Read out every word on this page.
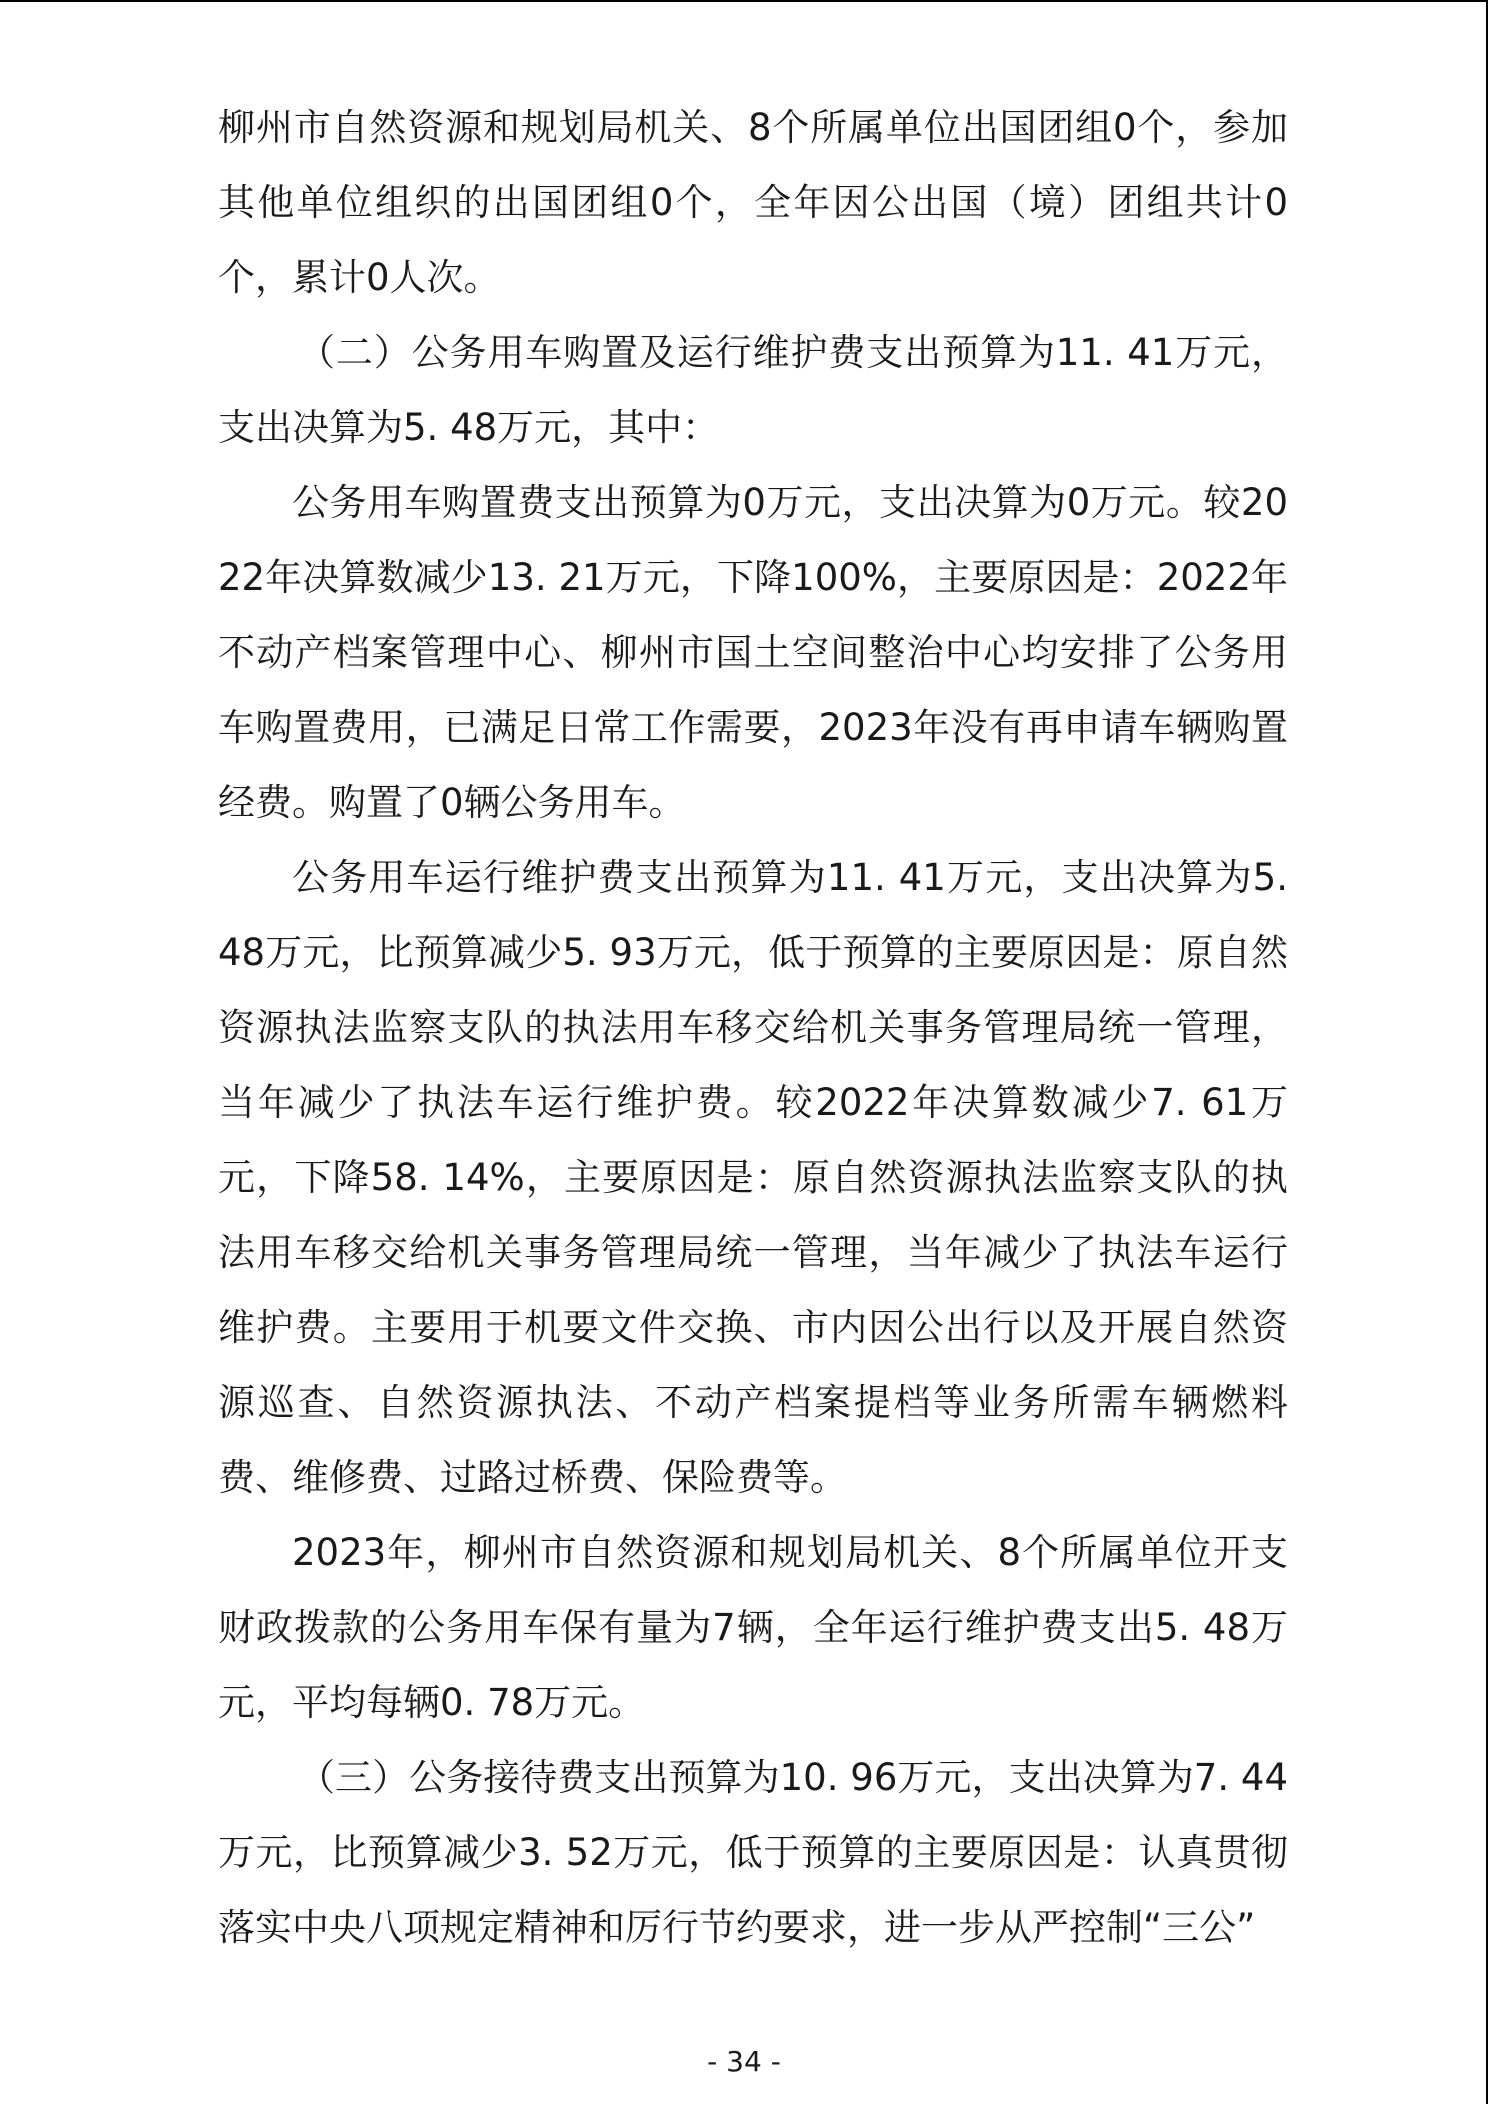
柳州市自然资源和规划局机关、8个所属单位出国团组0个，参加其他单位组织的出国团组0个，全年因公出国（境）团组共计0个，累计0人次。

（二）公务用车购置及运行维护费支出预算为11. 41万元，支出决算为5. 48万元，其中：

公务用车购置费支出预算为0万元，支出决算为0万元。较2022年决算数减少13. 21万元，下降100%，主要原因是：2022年不动产档案管理中心、柳州市国土空间整治中心均安排了公务用车购置费用，已满足日常工作需要，2023年没有再申请车辆购置经费。购置了0辆公务用车。

公务用车运行维护费支出预算为11. 41万元，支出决算为5. 48万元，比预算减少5. 93万元，低于预算的主要原因是：原自然资源执法监察支队的执法用车移交给机关事务管理局统一管理，当年减少了执法车运行维护费。较2022年决算数减少7. 61万元，下降58. 14%，主要原因是：原自然资源执法监察支队的执法用车移交给机关事务管理局统一管理，当年减少了执法车运行维护费。主要用于机要文件交换、市内因公出行以及开展自然资源巡查、自然资源执法、不动产档案提档等业务所需车辆燃料费、维修费、过路过桥费、保险费等。

2023年，柳州市自然资源和规划局机关、8个所属单位开支财政拨款的公务用车保有量为7辆，全年运行维护费支出5. 48万元，平均每辆0. 78万元。

（三）公务接待费支出预算为10. 96万元，支出决算为7. 44万元，比预算减少3. 52万元，低于预算的主要原因是：认真贯彻落实中央八项规定精神和厉行节约要求，进一步从严控制“三公”

- 34 -
